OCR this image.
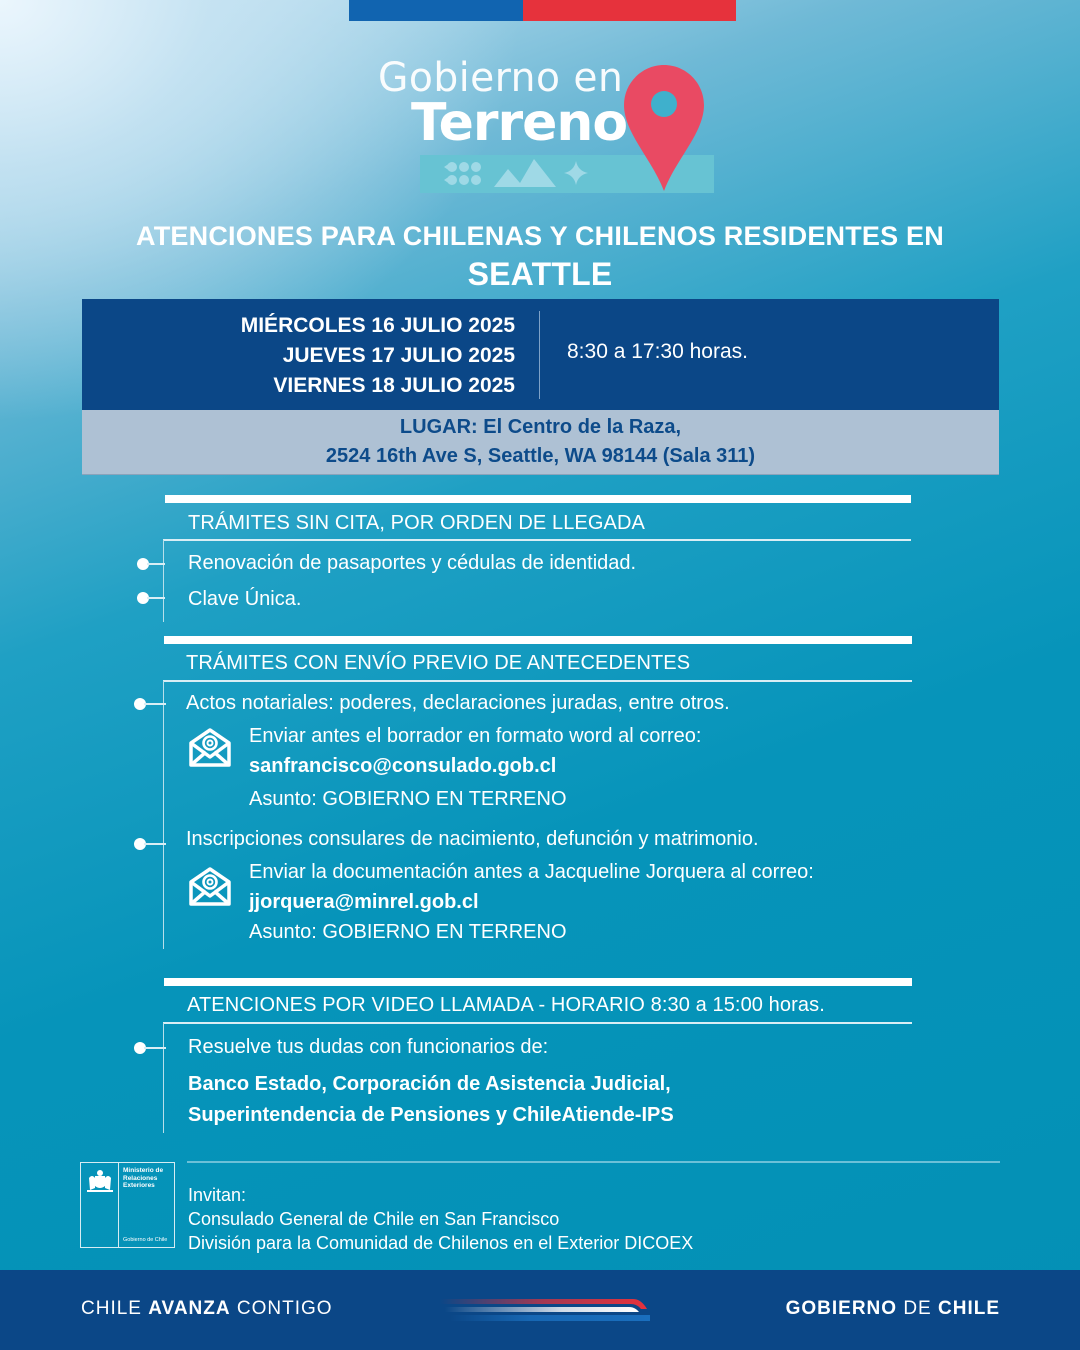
Gobierno en
Terreno
ATENCIONES PARA CHILENAS Y CHILENOS RESIDENTES EN
SEATTLE
MIÉRCOLES 16 JULIO 2025
JUEVES 17 JULIO 2025
VIERNES 18 JULIO 2025
8:30 a 17:30 horas.
LUGAR: El Centro de la Raza,
2524 16th Ave S, Seattle, WA 98144 (Sala 311)
TRÁMITES SIN CITA, POR ORDEN DE LLEGADA
Renovación de pasaportes y cédulas de identidad.
Clave Única.
TRÁMITES CON ENVÍO PREVIO DE ANTECEDENTES
Actos notariales: poderes, declaraciones juradas, entre otros.
Enviar antes el borrador en formato word al correo:
sanfrancisco@consulado.gob.cl
Asunto: GOBIERNO EN TERRENO
Inscripciones consulares de nacimiento, defunción y matrimonio.
Enviar la documentación antes a Jacqueline Jorquera al correo:
jjorquera@minrel.gob.cl
Asunto: GOBIERNO EN TERRENO
ATENCIONES POR VIDEO LLAMADA - HORARIO 8:30 a 15:00 horas.
Resuelve tus dudas con funcionarios de:
Banco Estado, Corporación de Asistencia Judicial,
Superintendencia de Pensiones y ChileAtiende-IPS
Ministerio de Relaciones Exteriores
Gobierno de Chile
Invitan:
Consulado General de Chile en San Francisco
División para la Comunidad de Chilenos en el Exterior DICOEX
CHILE AVANZA CONTIGO	GOBIERNO DE CHILE
